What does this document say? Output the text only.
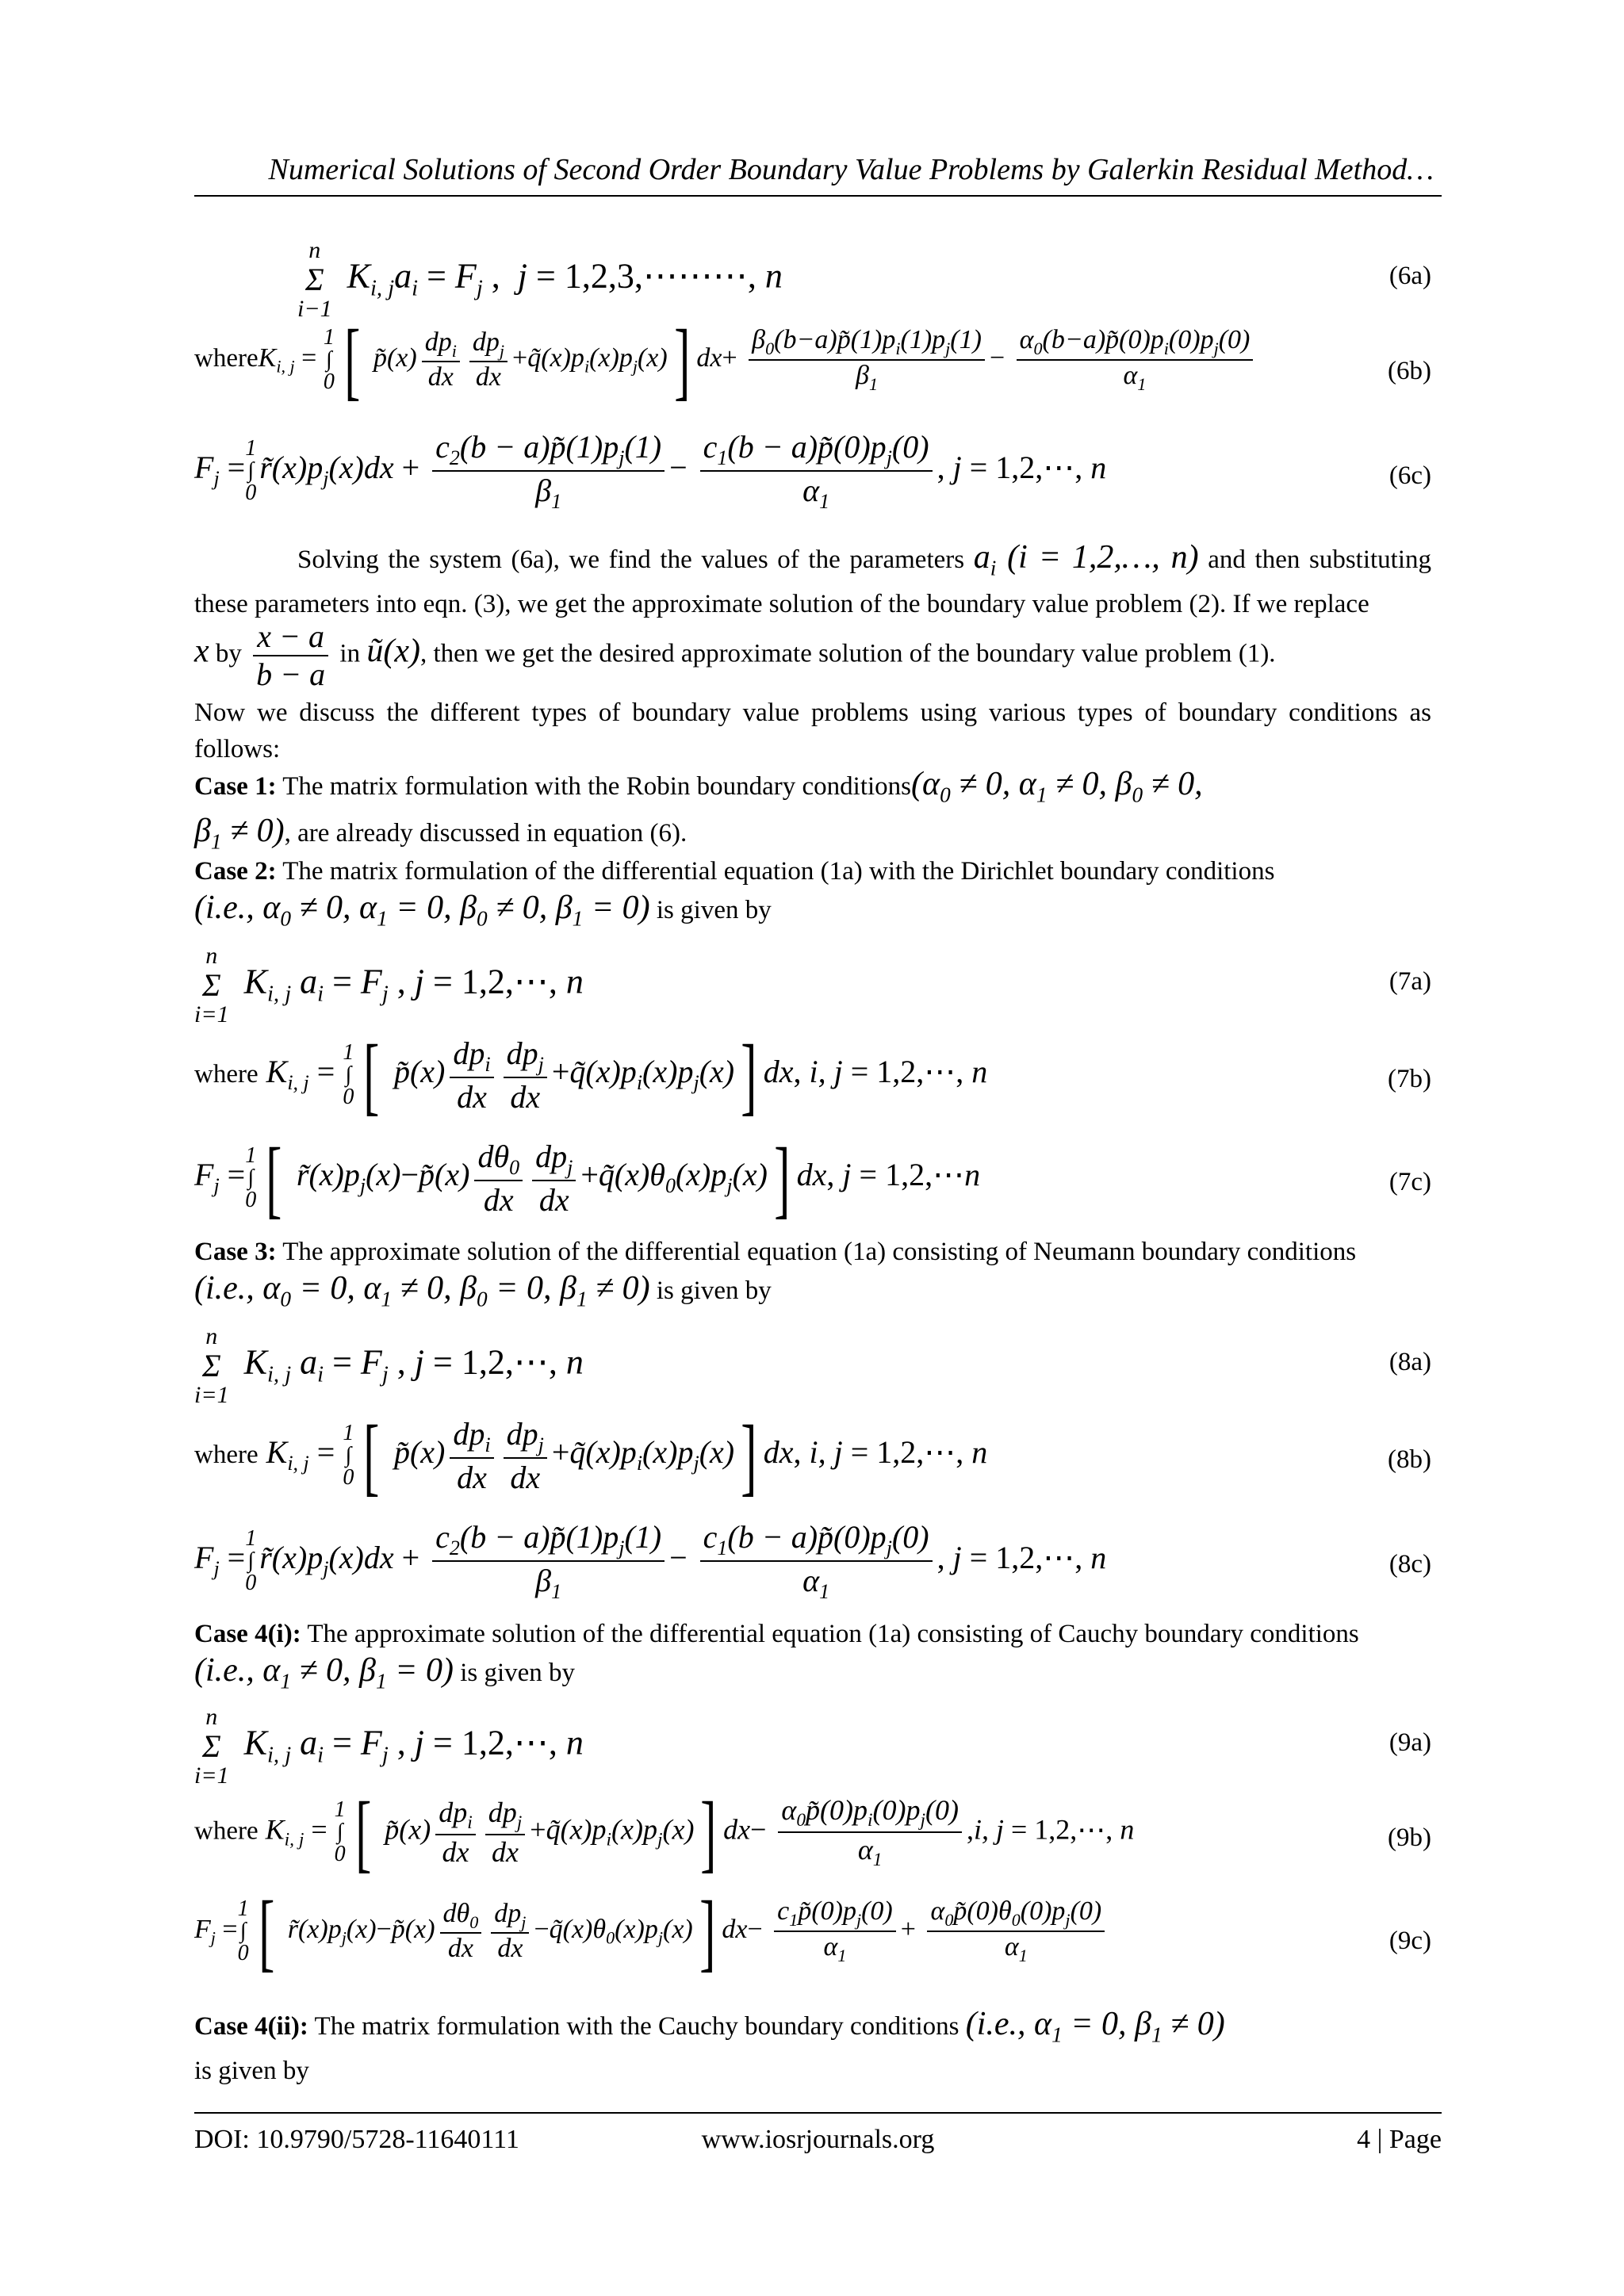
Numerical Solutions of Second Order Boundary Value Problems by Galerkin Residual Method…
n
Σ
i−1
$K_{i, j}a_i = F_j$ ,  j = 1,2,3,⋯⋯⋯, n	(6a)
whereK$_{i, j}$ =
1
∫
0 [ p̃(x) $\frac{dp_i}{dx} \frac{dp_j}{dx}$ $+q̃(x)p_i(x)p_j(x)$] $dx+ \frac{\beta_0(b-a)p̃(1)p_i(1)p_j(1)}{\beta_1} - \frac{\alpha_0(b-a)p̃(0)p_i(0)p_j(0)}{\alpha_1}$	(6b)
$F_j$ =
1
∫
0
$r̃(x)p_j(x)dx + \frac{c_2(b - a)p̃(1)p_j(1)}{\beta_1} - \frac{c_1(b - a)p̃(0)p_j(0)}{\alpha_1}$ , j = 1,2,⋯, n	(6c)
Solving the system (6a), we find the values of the parameters $a_i$ (i = 1,2,…, n) and then substituting these parameters into eqn. (3), we get the approximate solution of the boundary value problem (2). If we replace
x by $\frac{x - a}{b - a}$ in ũ(x), then we get the desired approximate solution of the boundary value problem (1).
Now we discuss the different types of boundary value problems using various types of boundary conditions as follows:
Case 1: The matrix formulation with the Robin boundary $conditions(\alpha_0 \ne 0$, $\alpha_1 \ne 0$, $\beta_0 \ne 0$,
$\beta_1 \ne 0$), are already discussed in equation (6).
Case 2: The matrix formulation of the differential equation (1a) with the Dirichlet boundary conditions
(i.e., $\alpha_0 \ne 0$, $\alpha_1 = 0$, $\beta_0 \ne 0$, $\beta_1 = 0$) is given by
n
Σ
i=1
$K_{i, j}$ $a_i = F_j$ , j = 1,2,⋯, n	(7a)
where $K_{i, j}$ =
1
∫
0 [ p̃(x) $\frac{dp_i}{dx} \frac{dp_j}{dx}$ $+q̃(x)p_i(x)p_j(x)$] dx, i, j = 1,2,⋯, n	(7b)
$F_j$ =
1
∫
0 [ $r̃(x)p_j(x)-p̃(x) \frac{d\theta_0}{dx} \frac{dp_j}{dx}$ $+q̃(x)\theta_0(x)p_j(x)$] dx, j = 1,2,⋯n	(7c)
Case 3: The approximate solution of the differential equation (1a) consisting of Neumann boundary conditions
(i.e., $\alpha_0 = 0$, $\alpha_1 \ne 0$, $\beta_0 = 0$, $\beta_1 \ne 0$) is given by
n
Σ
i=1
$K_{i, j}$ $a_i = F_j$ , j = 1,2,⋯, n	(8a)
where $K_{i, j}$ =
1
∫
0 [ p̃(x) $\frac{dp_i}{dx} \frac{dp_j}{dx}$ $+q̃(x)p_i(x)p_j(x)$] dx, i, j = 1,2,⋯, n	(8b)
$F_j$ =
1
∫
0
$r̃(x)p_j(x)dx + \frac{c_2(b - a)p̃(1)p_j(1)}{\beta_1} - \frac{c_1(b - a)p̃(0)p_j(0)}{\alpha_1}$ , j = 1,2,⋯, n	(8c)
Case 4(i): The approximate solution of the differential equation (1a) consisting of Cauchy boundary conditions
(i.e., $\alpha_1 \ne 0$, $\beta_1 = 0$) is given by
n
Σ
i=1
$K_{i, j}$ $a_i = F_j$ , j = 1,2,⋯, n	(9a)
where $K_{i, j}$ =
1
∫
0 [ p̃(x) $\frac{dp_i}{dx} \frac{dp_j}{dx}$ $+q̃(x)p_i(x)p_j(x)$] $dx- \frac{\alpha_0p̃(0)p_i(0)p_j(0)}{\alpha_1} ,i$, j = 1,2,⋯, n	(9b)
$F_j$ =
1
∫
0 [ $r̃(x)p_j(x)-p̃(x) \frac{d\theta_0}{dx} \frac{dp_j}{dx}$ $-q̃(x)\theta_0(x)p_j(x)$] $dx- \frac{c_1p̃(0)p_j(0)}{\alpha_1} + \frac{\alpha_0p̃(0)\theta_0(0)p_j(0)}{\alpha_1}$	(9c)
Case 4(ii): The matrix formulation with the Cauchy boundary conditions (i.e., $\alpha_1 = 0$, $\beta_1 \ne 0$)
is given by
DOI: 10.9790/5728-11640111	www.iosrjournals.org	4 | Page
